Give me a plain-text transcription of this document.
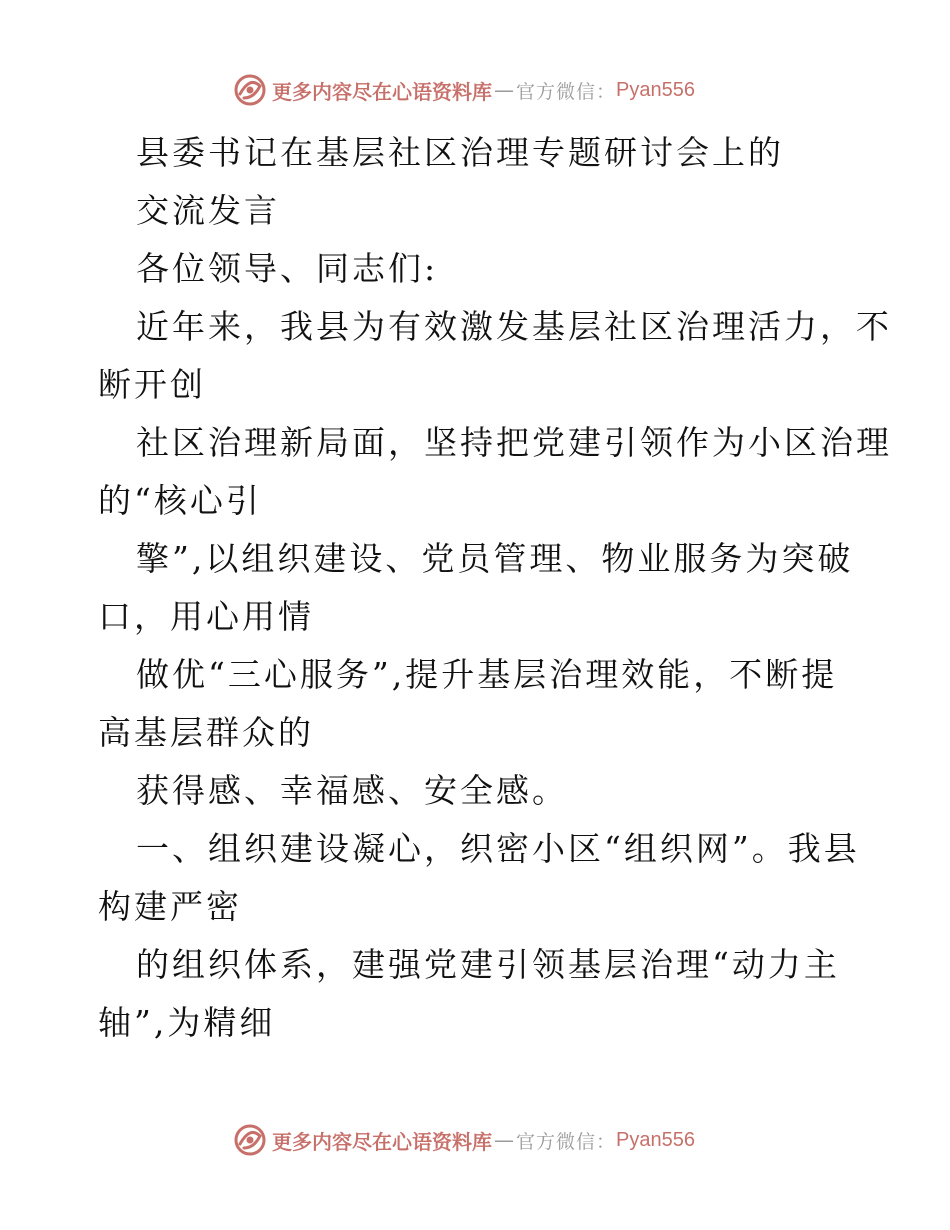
更多内容尽在心语资料库 — 官方微信： Pyan556
县委书记在基层社区治理专题研讨会上的
交流发言
各位领导、同志们:
近年来，我县为有效激发基层社区治理活力，不
断开创
社区治理新局面，坚持把党建引领作为小区治理
的“核心引
擎”,以组织建设、党员管理、物业服务为突破
口，用心用情
做优“三心服务”,提升基层治理效能，不断提
高基层群众的
获得感、幸福感、安全感。
一、组织建设凝心，织密小区“组织网”。我县
构建严密
的组织体系，建强党建引领基层治理“动力主
轴”,为精细
更多内容尽在心语资料库 — 官方微信： Pyan556
